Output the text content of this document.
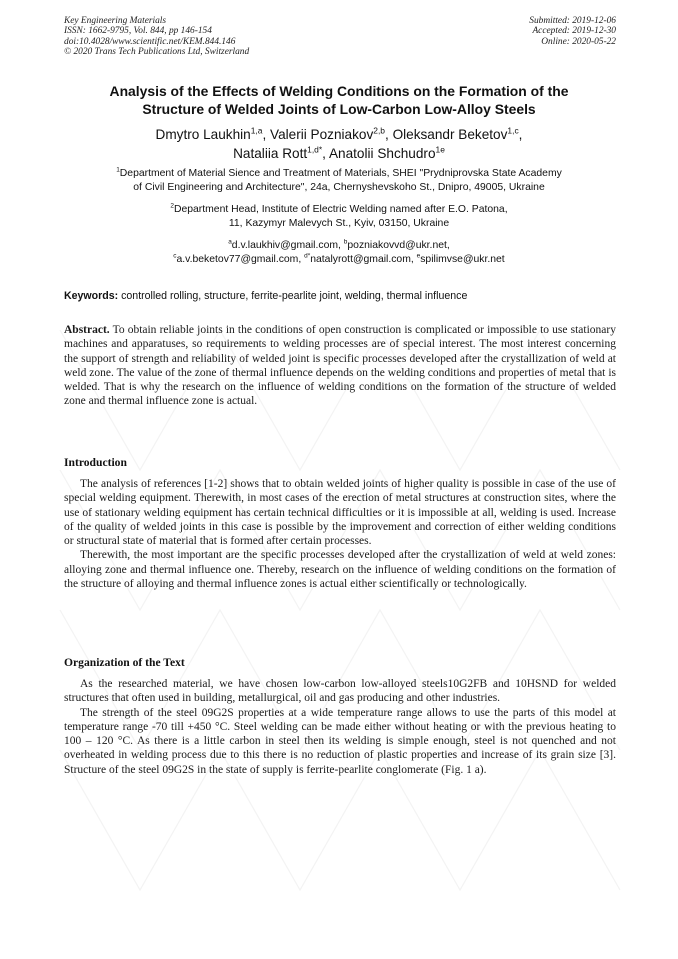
Key Engineering Materials
ISSN: 1662-9795, Vol. 844, pp 146-154
doi:10.4028/www.scientific.net/KEM.844.146
© 2020 Trans Tech Publications Ltd, Switzerland
Submitted: 2019-12-06
Accepted: 2019-12-30
Online: 2020-05-22
Analysis of the Effects of Welding Conditions on the Formation of the
Structure of Welded Joints of Low-Carbon Low-Alloy Steels
Dmytro Laukhin$^{1,a}$, Valerii Pozniakov$^{2,b}$, Oleksandr Beketov$^{1,c}$,
Nataliia Rott$^{1,d*}$, Anatolii Shchudro$^{1e}$
$^1$Department of Material Sience and Treatment of Materials, SHEI "Prydniprovska State Academy
of Civil Engineering and Architecture", 24a, Chernyshevskoho St., Dnipro, 49005, Ukraine
$^2$Department Head, Institute of Electric Welding named after E.O. Patona,
11, Kazymyr Malevych St., Kyiv, 03150, Ukraine
$^a$d.v.laukhiv@gmail.com, $^b$pozniakovvd@ukr.net,
$^c$a.v.beketov77@gmail.com, $^{d*}$natalyrott@gmail.com, $^e$spilimvse@ukr.net
Keywords: controlled rolling, structure, ferrite-pearlite joint, welding, thermal influence

Abstract. To obtain reliable joints in the conditions of open construction is complicated or impossible to use stationary machines and apparatuses, so requirements to welding processes are of special interest. The most interest concerning the support of strength and reliability of welded joint is specific processes developed after the crystallization of weld at weld zone. The value of the zone of thermal influence depends on the welding conditions and properties of metal that is welded. That is why the research on the influence of welding conditions on the formation of the structure of welded zone and thermal influence zone is actual.

Introduction

The analysis of references [1-2] shows that to obtain welded joints of higher quality is possible in case of the use of special welding equipment. Therewith, in most cases of the erection of metal structures at construction sites, where the use of stationary welding equipment has certain technical difficulties or it is impossible at all, welding is used. Increase of the quality of welded joints in this case is possible by the improvement and correction of either welding conditions or structural state of material that is formed after certain processes.

Therewith, the most important are the specific processes developed after the crystallization of weld at weld zones: alloying zone and thermal influence one. Thereby, research on the influence of welding conditions on the formation of the structure of alloying and thermal influence zones is actual either scientifically or technologically.

Organization of the Text

As the researched material, we have chosen low-carbon low-alloyed steels10G2FB and 10HSND for welded structures that often used in building, metallurgical, oil and gas producing and other industries.

The strength of the steel 09G2S properties at a wide temperature range allows to use the parts of this model at temperature range -70 till +450 °C. Steel welding can be made either without heating or with the previous heating to 100 – 120 °C. As there is a little carbon in steel then its welding is simple enough, steel is not quenched and not overheated in welding process due to this there is no reduction of plastic properties and increase of its grain size [3]. Structure of the steel 09G2S in the state of supply is ferrite-pearlite conglomerate (Fig. 1 a).
